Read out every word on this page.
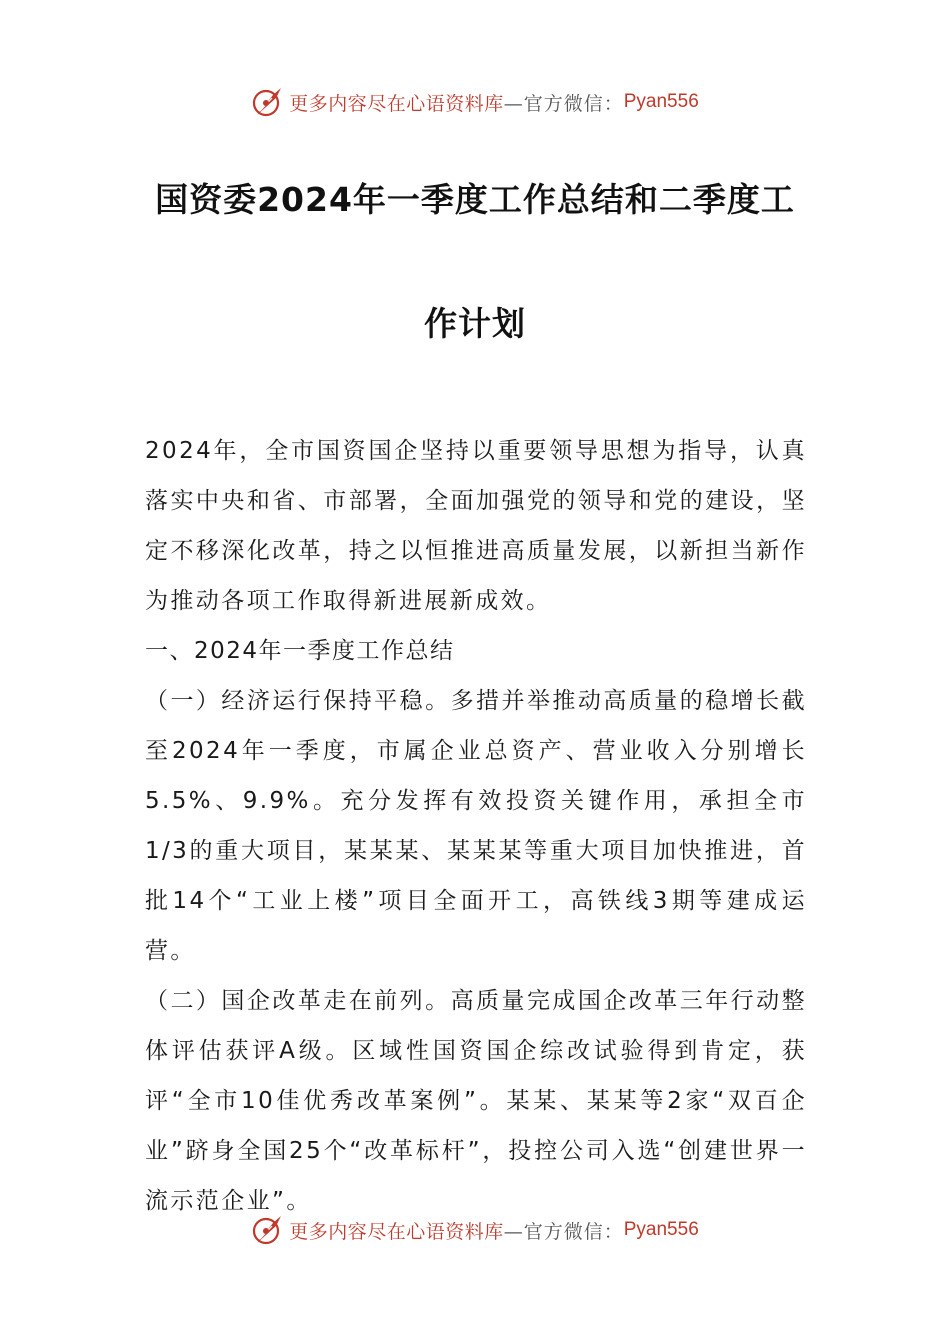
更多内容尽在心语资料库 —官方微信： Pyan556
国资委2024年一季度工作总结和二季度工
作计划

2024年，全市国资国企坚持以重要领导思想为指导，认真落实中央和省、市部署，全面加强党的领导和党的建设，坚定不移深化改革，持之以恒推进高质量发展，以新担当新作为推动各项工作取得新进展新成效。

一、2024年一季度工作总结

（一）经济运行保持平稳。多措并举推动高质量的稳增长截至2024年一季度，市属企业总资产、营业收入分别增长5.5%、9.9%。充分发挥有效投资关键作用，承担全市1/3的重大项目，某某某、某某某等重大项目加快推进，首批14个“工业上楼”项目全面开工，高铁线3期等建成运营。

（二）国企改革走在前列。高质量完成国企改革三年行动整体评估获评A级。区域性国资国企综改试验得到肯定，获评“全市10佳优秀改革案例”。某某、某某等2家“双百企业”跻身全国25个“改革标杆”，投控公司入选“创建世界一流示范企业”。

更多内容尽在心语资料库 —官方微信： Pyan556
